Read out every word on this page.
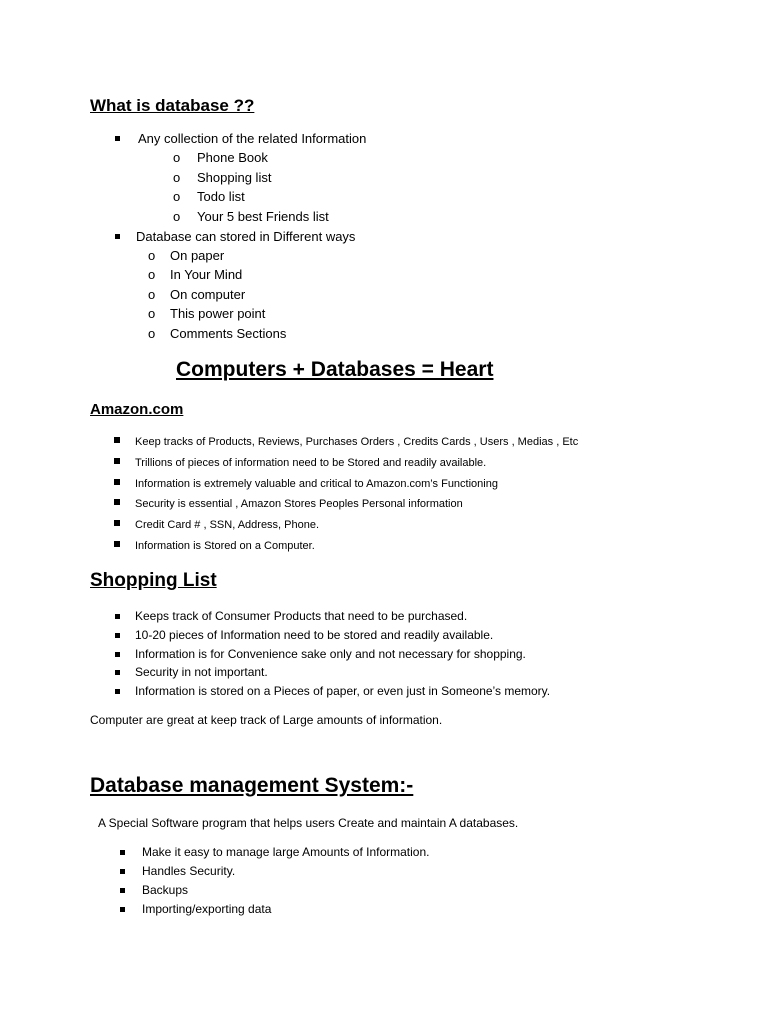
What is database ??
Any collection of the related Information
o Phone Book
o Shopping list
o Todo list
o Your 5 best Friends list
Database can stored in Different ways
o On paper
o In Your Mind
o On computer
o This power point
o Comments Sections
Computers + Databases = Heart
Amazon.com
Keep tracks of Products, Reviews, Purchases Orders , Credits Cards , Users , Medias , Etc
Trillions of pieces of information need to be Stored and readily available.
Information is extremely valuable and critical to Amazon.com’s Functioning
Security is essential , Amazon Stores Peoples Personal information
Credit Card # , SSN, Address, Phone.
Information is Stored on a Computer.
Shopping List
Keeps track of Consumer Products that need to be purchased.
10-20 pieces of Information need to be stored and readily available.
Information is for Convenience sake only and not necessary for shopping.
Security in not important.
Information is stored on a Pieces of paper, or even just in Someone’s memory.
Computer are great at keep track of Large amounts of information.
Database management System:-
A Special Software program that helps users Create and maintain A databases.
Make it easy to manage large Amounts of Information.
Handles Security.
Backups
Importing/exporting data
